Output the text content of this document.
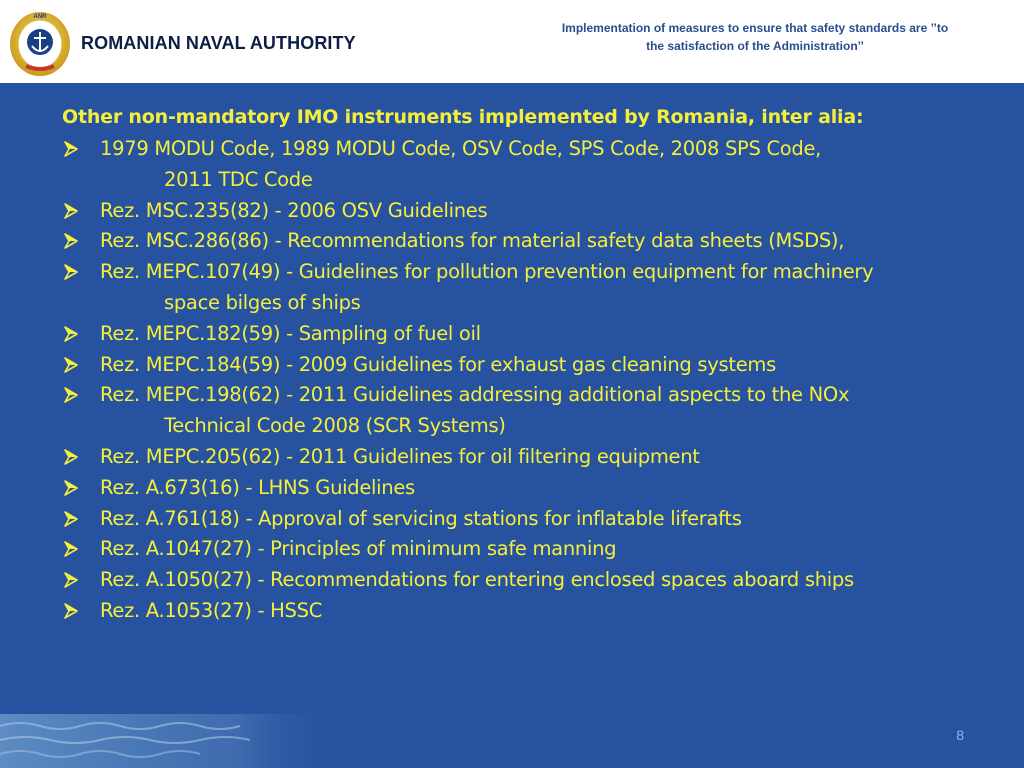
ANR
ROMANIAN NAVAL AUTHORITY
Implementation of measures to ensure that safety standards are ’’to
the satisfaction of the Administration’’
Other non-mandatory IMO instruments implemented by Romania, inter alia:
1979 MODU Code, 1989 MODU Code, OSV Code, SPS Code, 2008 SPS Code,
2011 TDC Code
Rez. MSC.235(82) - 2006 OSV Guidelines
Rez. MSC.286(86) - Recommendations for material safety data sheets (MSDS),
Rez. MEPC.107(49) - Guidelines for pollution prevention equipment for machinery
space bilges of ships
Rez. MEPC.182(59) - Sampling of fuel oil
Rez. MEPC.184(59) - 2009 Guidelines for exhaust gas cleaning systems
Rez. MEPC.198(62) - 2011 Guidelines addressing additional aspects to the NOx
Technical Code 2008 (SCR Systems)
Rez. MEPC.205(62) - 2011 Guidelines for oil filtering equipment
Rez. A.673(16) - LHNS Guidelines
Rez. A.761(18) - Approval of servicing stations for inflatable liferafts
Rez. A.1047(27) - Principles of minimum safe manning
Rez. A.1050(27) - Recommendations for entering enclosed spaces aboard ships
Rez. A.1053(27) - HSSC
8
